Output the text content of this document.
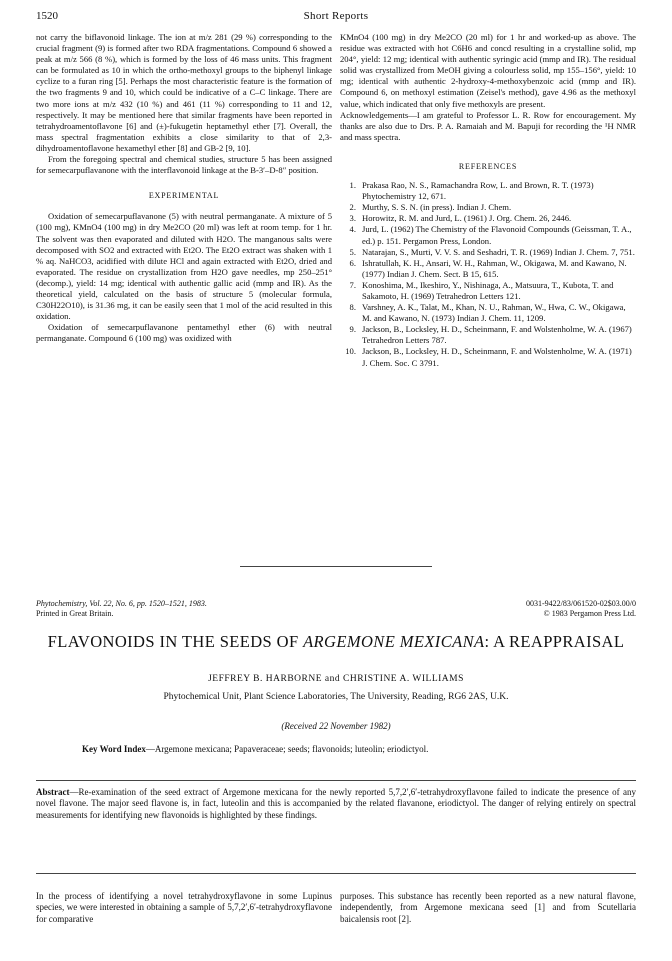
1520	Short Reports

not carry the biflavonoid linkage. The ion at m/z 281 (29 %) corresponding to the crucial fragment (9) is formed after two RDA fragmentations. Compound 6 showed a peak at m/z 566 (8 %), which is formed by the loss of 46 mass units. This fragment can be formulated as 10 in which the ortho-methoxyl groups to the biphenyl linkage cyclize to a furan ring [5]. Perhaps the most characteristic feature is the formation of the two fragments 9 and 10, which could be indicative of a C–C linkage. There are two more ions at m/z 432 (10 %) and 461 (11 %) corresponding to 11 and 12, respectively. It may be mentioned here that similar fragments have been reported in tetrahydroamentoflavone [6] and (±)-fukugetin heptamethyl ether [7]. Overall, the mass spectral fragmentation exhibits a close similarity to that of 2,3-dihydroamentoflavone hexamethyl ether [8] and GB-2 [9, 10].

From the foregoing spectral and chemical studies, structure 5 has been assigned for semecarpuflavanone with the interflavonoid linkage at the B-3′–D-8″ position.

EXPERIMENTAL

Oxidation of semecarpuflavanone (5) with neutral permanganate. A mixture of 5 (100 mg), KMnO4 (100 mg) in dry Me2CO (20 ml) was left at room temp. for 1 hr. The solvent was then evaporated and diluted with H2O. The manganous salts were decomposed with SO2 and extracted with Et2O. The Et2O extract was shaken with 1 % aq. NaHCO3, acidified with dilute HCl and again extracted with Et2O, dried and evaporated. The residue on crystallization from H2O gave needles, mp 250–251° (decomp.), yield: 14 mg; identical with authentic gallic acid (mmp and IR). As the theoretical yield, calculated on the basis of structure 5 (molecular formula, C30H22O10), is 31.36 mg, it can be easily seen that 1 mol of the acid resulted in this oxidation.

Oxidation of semecarpuflavanone pentamethyl ether (6) with neutral permanganate. Compound 6 (100 mg) was oxidized with

KMnO4 (100 mg) in dry Me2CO (20 ml) for 1 hr and worked-up as above. The residue was extracted with hot C6H6 and concd resulting in a crystalline solid, mp 204°, yield: 12 mg; identical with authentic syringic acid (mmp and IR). The residual solid was crystallized from MeOH giving a colourless solid, mp 155–156°, yield: 10 mg; identical with authentic 2-hydroxy-4-methoxybenzoic acid (mmp and IR). Compound 6, on methoxyl estimation (Zeisel's method), gave 4.96 as the methoxyl value, which indicated that only five methoxyls are present.

Acknowledgements—I am grateful to Professor L. R. Row for encouragement. My thanks are also due to Drs. P. A. Ramaiah and M. Bapuji for recording the ¹H NMR and mass spectra.

REFERENCES
1. Prakasa Rao, N. S., Ramachandra Row, L. and Brown, R. T. (1973) Phytochemistry 12, 671.
2. Murthy, S. S. N. (in press). Indian J. Chem.
3. Horowitz, R. M. and Jurd, L. (1961) J. Org. Chem. 26, 2446.
4. Jurd, L. (1962) The Chemistry of the Flavonoid Compounds (Geissman, T. A., ed.) p. 151. Pergamon Press, London.
5. Natarajan, S., Murti, V. V. S. and Seshadri, T. R. (1969) Indian J. Chem. 7, 751.
6. Ishratullah, K. H., Ansari, W. H., Rahman, W., Okigawa, M. and Kawano, N. (1977) Indian J. Chem. Sect. B 15, 615.
7. Konoshima, M., Ikeshiro, Y., Nishinaga, A., Matsuura, T., Kubota, T. and Sakamoto, H. (1969) Tetrahedron Letters 121.
8. Varshney, A. K., Talat, M., Khan, N. U., Rahman, W., Hwa, C. W., Okigawa, M. and Kawano, N. (1973) Indian J. Chem. 11, 1209.
9. Jackson, B., Locksley, H. D., Scheinmann, F. and Wolstenholme, W. A. (1967) Tetrahedron Letters 787.
10. Jackson, B., Locksley, H. D., Scheinmann, F. and Wolstenholme, W. A. (1971) J. Chem. Soc. C 3791.
Phytochemistry, Vol. 22, No. 6, pp. 1520–1521, 1983.
Printed in Great Britain.
0031-9422/83/061520-02$03.00/0
© 1983 Pergamon Press Ltd.
FLAVONOIDS IN THE SEEDS OF ARGEMONE MEXICANA: A REAPPRAISAL
JEFFREY B. HARBORNE and CHRISTINE A. WILLIAMS
Phytochemical Unit, Plant Science Laboratories, The University, Reading, RG6 2AS, U.K.
(Received 22 November 1982)
Key Word Index—Argemone mexicana; Papaveraceae; seeds; flavonoids; luteolin; eriodictyol.
Abstract—Re-examination of the seed extract of Argemone mexicana for the newly reported 5,7,2′,6′-tetrahydroxyflavone failed to indicate the presence of any novel flavone. The major seed flavone is, in fact, luteolin and this is accompanied by the related flavanone, eriodictyol. The danger of relying entirely on spectral measurements for identifying new flavonoids is highlighted by these findings.
In the process of identifying a novel tetrahydroxyflavone in some Lupinus species, we were interested in obtaining a sample of 5,7,2′,6′-tetrahydroxyflavone for comparative
purposes. This substance has recently been reported as a new natural flavone, independently, from Argemone mexicana seed [1] and from Scutellaria baicalensis root [2].
